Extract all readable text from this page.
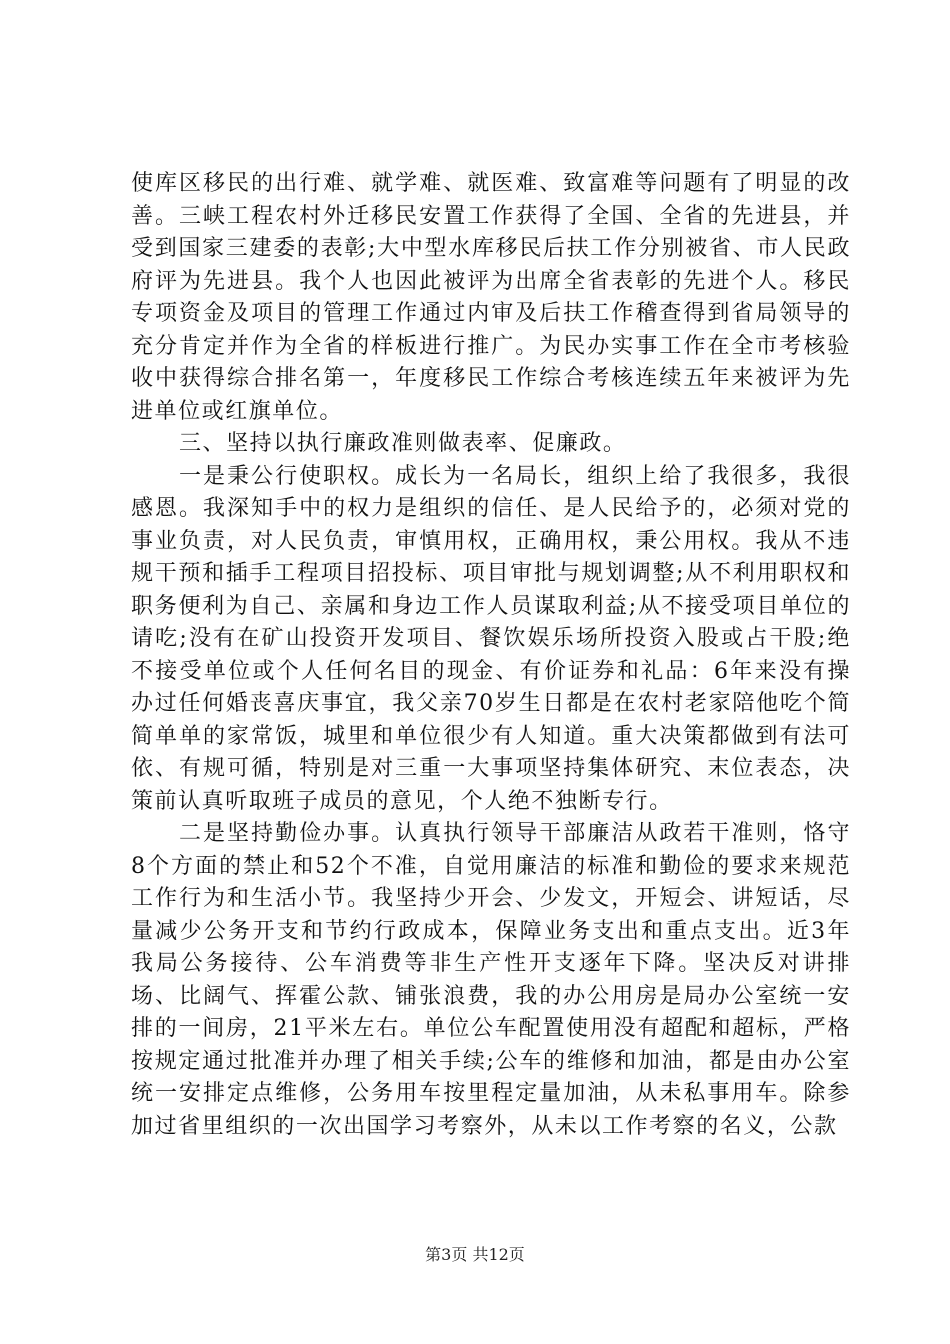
使库区移民的出行难、就学难、就医难、致富难等问题有了明显的改善。三峡工程农村外迁移民安置工作获得了全国、全省的先进县，并受到国家三建委的表彰;大中型水库移民后扶工作分别被省、市人民政府评为先进县。我个人也因此被评为出席全省表彰的先进个人。移民专项资金及项目的管理工作通过内审及后扶工作稽查得到省局领导的充分肯定并作为全省的样板进行推广。为民办实事工作在全市考核验收中获得综合排名第一，年度移民工作综合考核连续五年来被评为先进单位或红旗单位。

三、坚持以执行廉政准则做表率、促廉政。

一是秉公行使职权。成长为一名局长，组织上给了我很多，我很感恩。我深知手中的权力是组织的信任、是人民给予的，必须对党的事业负责，对人民负责，审慎用权，正确用权，秉公用权。我从不违规干预和插手工程项目招投标、项目审批与规划调整;从不利用职权和职务便利为自己、亲属和身边工作人员谋取利益;从不接受项目单位的请吃;没有在矿山投资开发项目、餐饮娱乐场所投资入股或占干股;绝不接受单位或个人任何名目的现金、有价证券和礼品：6年来没有操办过任何婚丧喜庆事宜，我父亲70岁生日都是在农村老家陪他吃个简简单单的家常饭，城里和单位很少有人知道。重大决策都做到有法可依、有规可循，特别是对三重一大事项坚持集体研究、末位表态，决策前认真听取班子成员的意见，个人绝不独断专行。

二是坚持勤俭办事。认真执行领导干部廉洁从政若干准则，恪守8个方面的禁止和52个不准，自觉用廉洁的标准和勤俭的要求来规范工作行为和生活小节。我坚持少开会、少发文，开短会、讲短话，尽量减少公务开支和节约行政成本，保障业务支出和重点支出。近3年我局公务接待、公车消费等非生产性开支逐年下降。坚决反对讲排场、比阔气、挥霍公款、铺张浪费，我的办公用房是局办公室统一安排的一间房，21平米左右。单位公车配置使用没有超配和超标，严格按规定通过批准并办理了相关手续;公车的维修和加油，都是由办公室统一安排定点维修，公务用车按里程定量加油，从未私事用车。除参加过省里组织的一次出国学习考察外，从未以工作考察的名义，公款

第3页 共12页
